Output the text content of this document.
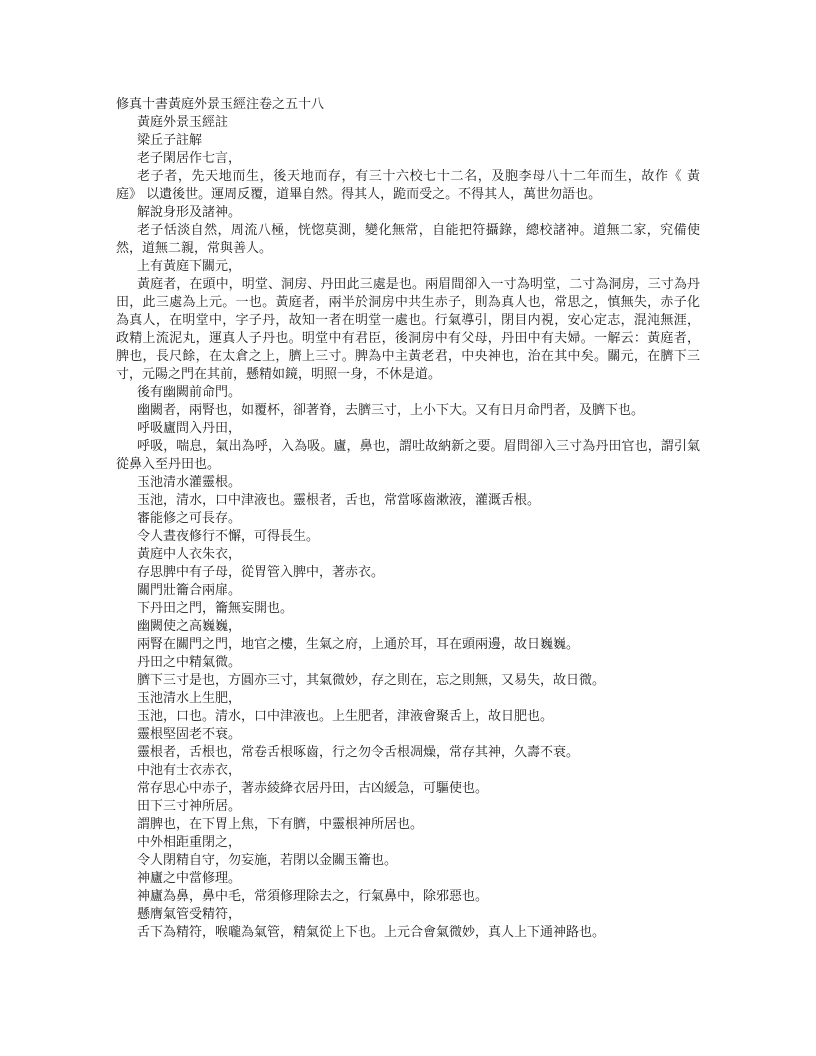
修真十書黃庭外景玉經注卷之五十八

黃庭外景玉經註

梁丘子註解

老子閑居作七言，

老子者，先天地而生，後天地而存，有三十六校七十二名，及胞李母八十二年而生，故作《 黃庭》 以遺後世。運周反覆，道畢自然。得其人，跪而受之。不得其人，萬世勿語也。

解說身形及諸神。

老子恬淡自然，周流八極，恍惚莫測，變化無常，自能把符攝錄，總校諸神。道無二家，究備使然，道無二親，常與善人。

上有黃庭下關元，

黃庭者，在頭中，明堂、洞房、丹田此三處是也。兩眉間卻入一寸為明堂，二寸為洞房，三寸為丹田，此三處為上元。一也。黃庭者，兩半於洞房中共生赤子，則為真人也，常思之，慎無失，赤子化為真人，在明堂中，字子丹，故知一者在明堂一處也。行氣導引，閉目内視，安心定志，混沌無涯，政精上流泥丸，運真人子丹也。明堂中有君臣，後洞房中有父母，丹田中有夫婦。一解云：黃庭者，脾也，長尺餘，在太倉之上，臍上三寸。脾為中主黃老君，中央神也，治在其中矣。關元，在臍下三寸，元陽之門在其前，懸精如鏡，明照一身，不休是道。

後有幽闕前命門。

幽闕者，兩腎也，如覆杯，卻著脊，去臍三寸，上小下大。又有日月命門者，及臍下也。

呼吸廬問入丹田，

呼吸，喘息，氣出為呼，入為吸。廬，鼻也，謂吐故納新之要。眉問卻入三寸為丹田官也，謂引氣從鼻入至丹田也。

玉池清水灌靈根。

玉池，清水，口中津液也。靈根者，舌也，常當啄齒漱液，灌溉舌根。

審能修之可長存。

令人晝夜修行不懈，可得長生。

黃庭中人衣朱衣，

存思脾中有子母，從胃管入脾中，著赤衣。

關門壯籥合兩扉。

下丹田之門，籥無妄開也。

幽闕使之高巍巍，

兩腎在關門之門，地官之樓，生氣之府，上通於耳，耳在頭兩邊，故日巍巍。

丹田之中精氣微。

臍下三寸是也，方圓亦三寸，其氣微妙，存之則在，忘之則無，又易失，故日微。

玉池清水上生肥，

玉池，口也。清水，口中津液也。上生肥者，津液會聚舌上，故日肥也。

靈根堅固老不衰。

靈根者，舌根也，常卷舌根啄齒，行之勿令舌根凋燥，常存其神，久壽不衰。

中池有士衣赤衣，

常存思心中赤子，著赤綾絳衣居丹田，古凶緩急，可驅使也。

田下三寸神所居。

謂脾也，在下胃上焦，下有臍，中靈根神所居也。

中外相距重閉之，

令人閉精自守，勿妄施，若閉以金關玉籥也。

神廬之中當修理。

神廬為鼻，鼻中毛，常須修理除去之，行氣鼻中，除邪惡也。

懸膺氣管受精符，

舌下為精符，喉嚨為氣管，精氣從上下也。上元合會氣微妙，真人上下通神路也。
